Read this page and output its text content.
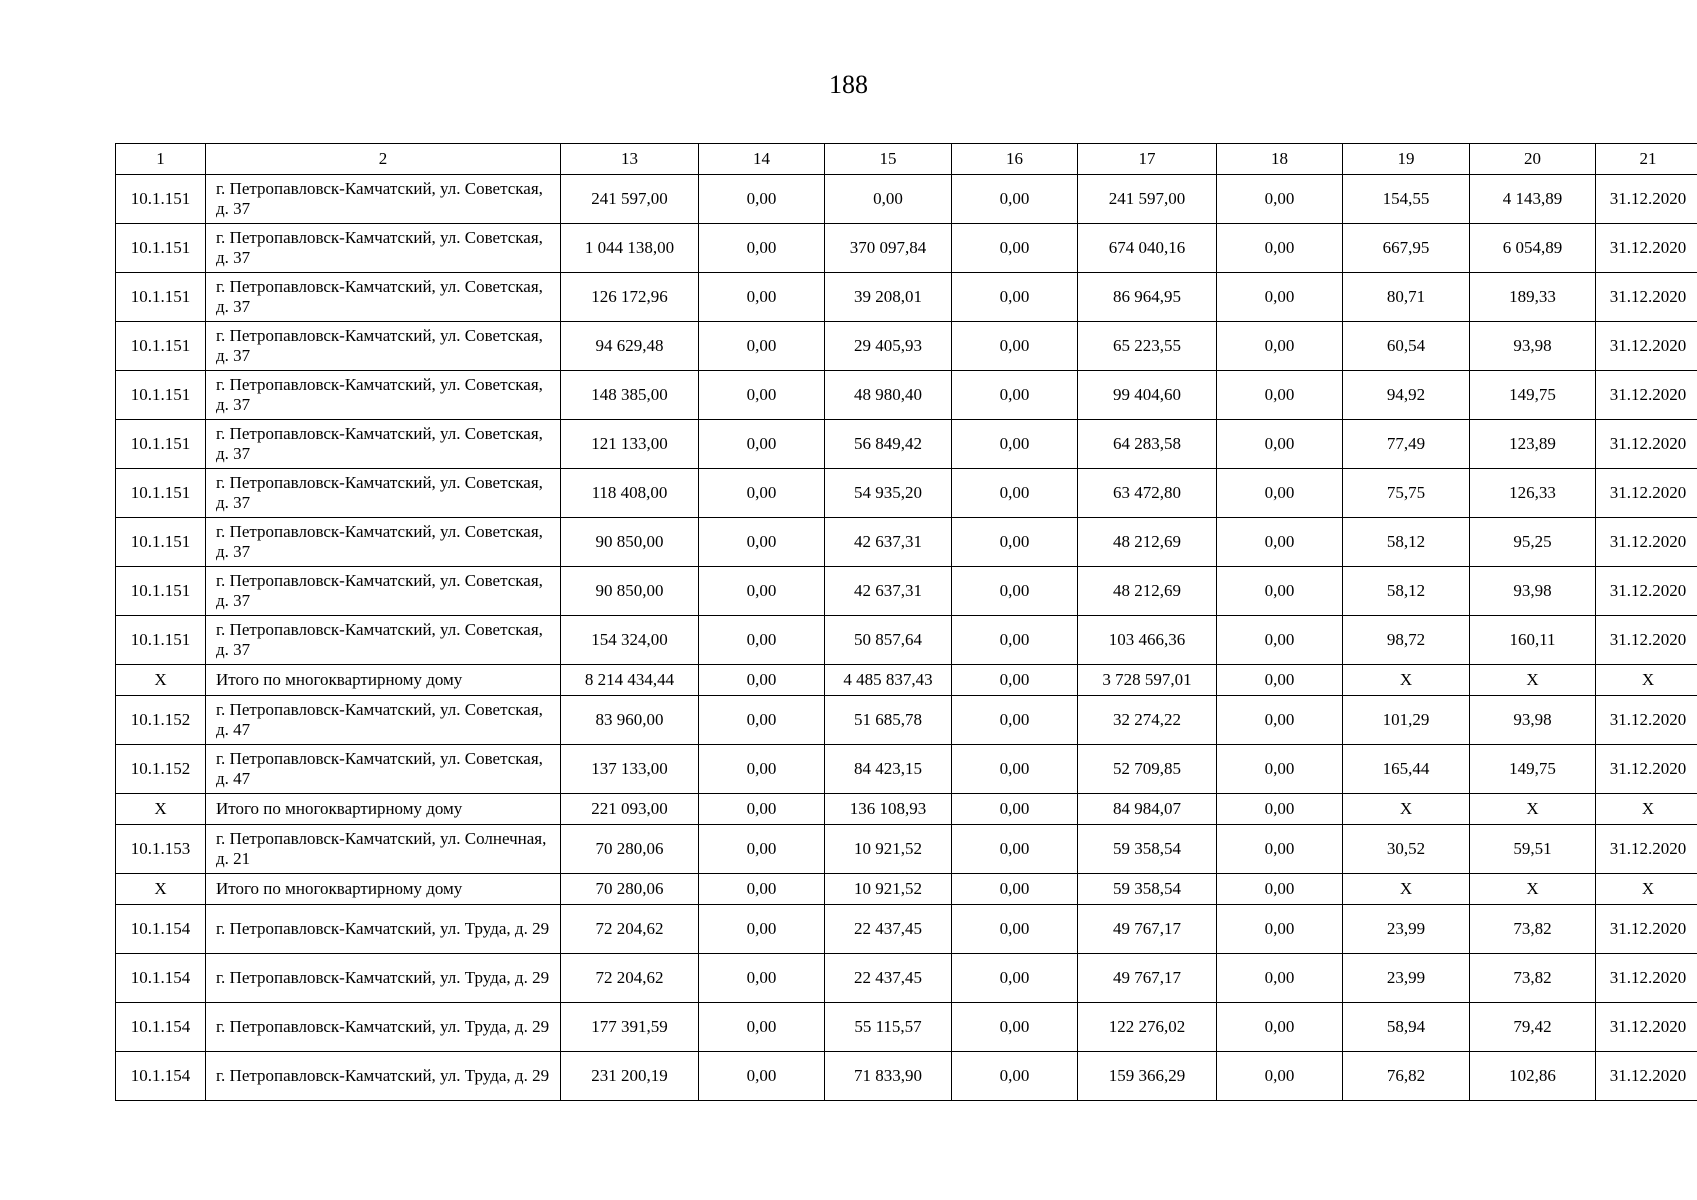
188
1	2	13	14	15	16	17	18	19	20	21
10.1.151	г. Петропавловск-Камчатский, ул. Советская, д. 37	241 597,00	0,00	0,00	0,00	241 597,00	0,00	154,55	4 143,89	31.12.2020
10.1.151	г. Петропавловск-Камчатский, ул. Советская, д. 37	1 044 138,00	0,00	370 097,84	0,00	674 040,16	0,00	667,95	6 054,89	31.12.2020
10.1.151	г. Петропавловск-Камчатский, ул. Советская, д. 37	126 172,96	0,00	39 208,01	0,00	86 964,95	0,00	80,71	189,33	31.12.2020
10.1.151	г. Петропавловск-Камчатский, ул. Советская, д. 37	94 629,48	0,00	29 405,93	0,00	65 223,55	0,00	60,54	93,98	31.12.2020
10.1.151	г. Петропавловск-Камчатский, ул. Советская, д. 37	148 385,00	0,00	48 980,40	0,00	99 404,60	0,00	94,92	149,75	31.12.2020
10.1.151	г. Петропавловск-Камчатский, ул. Советская, д. 37	121 133,00	0,00	56 849,42	0,00	64 283,58	0,00	77,49	123,89	31.12.2020
10.1.151	г. Петропавловск-Камчатский, ул. Советская, д. 37	118 408,00	0,00	54 935,20	0,00	63 472,80	0,00	75,75	126,33	31.12.2020
10.1.151	г. Петропавловск-Камчатский, ул. Советская, д. 37	90 850,00	0,00	42 637,31	0,00	48 212,69	0,00	58,12	95,25	31.12.2020
10.1.151	г. Петропавловск-Камчатский, ул. Советская, д. 37	90 850,00	0,00	42 637,31	0,00	48 212,69	0,00	58,12	93,98	31.12.2020
10.1.151	г. Петропавловск-Камчатский, ул. Советская, д. 37	154 324,00	0,00	50 857,64	0,00	103 466,36	0,00	98,72	160,11	31.12.2020
X	Итого по многоквартирному дому	8 214 434,44	0,00	4 485 837,43	0,00	3 728 597,01	0,00	X	X	X
10.1.152	г. Петропавловск-Камчатский, ул. Советская, д. 47	83 960,00	0,00	51 685,78	0,00	32 274,22	0,00	101,29	93,98	31.12.2020
10.1.152	г. Петропавловск-Камчатский, ул. Советская, д. 47	137 133,00	0,00	84 423,15	0,00	52 709,85	0,00	165,44	149,75	31.12.2020
X	Итого по многоквартирному дому	221 093,00	0,00	136 108,93	0,00	84 984,07	0,00	X	X	X
10.1.153	г. Петропавловск-Камчатский, ул. Солнечная, д. 21	70 280,06	0,00	10 921,52	0,00	59 358,54	0,00	30,52	59,51	31.12.2020
X	Итого по многоквартирному дому	70 280,06	0,00	10 921,52	0,00	59 358,54	0,00	X	X	X
10.1.154	г. Петропавловск-Камчатский, ул. Труда, д. 29	72 204,62	0,00	22 437,45	0,00	49 767,17	0,00	23,99	73,82	31.12.2020
10.1.154	г. Петропавловск-Камчатский, ул. Труда, д. 29	72 204,62	0,00	22 437,45	0,00	49 767,17	0,00	23,99	73,82	31.12.2020
10.1.154	г. Петропавловск-Камчатский, ул. Труда, д. 29	177 391,59	0,00	55 115,57	0,00	122 276,02	0,00	58,94	79,42	31.12.2020
10.1.154	г. Петропавловск-Камчатский, ул. Труда, д. 29	231 200,19	0,00	71 833,90	0,00	159 366,29	0,00	76,82	102,86	31.12.2020
